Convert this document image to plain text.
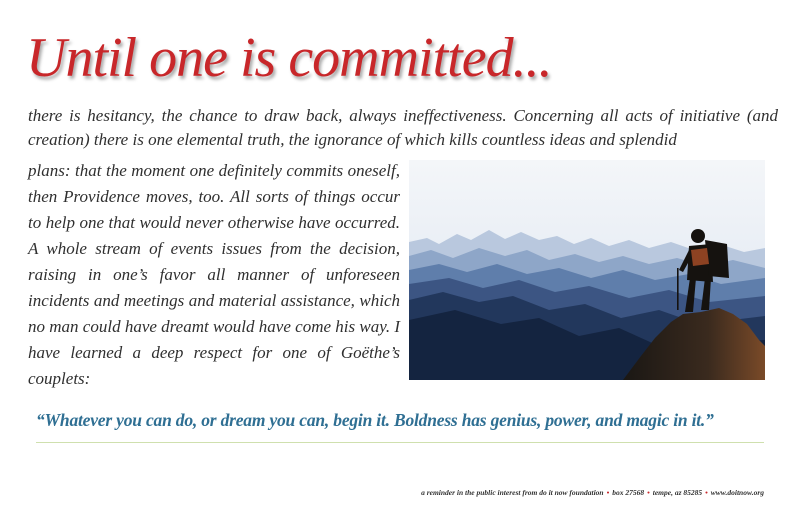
Until one is committed...

there is hesitancy, the chance to draw back, always ineffectiveness. Concerning all acts of initiative (and creation) there is one elemental truth, the ignorance of which kills countless ideas and splendid

plans: that the moment one definitely commits oneself, then Providence moves, too. All sorts of things occur to help one that would never otherwise have occurred. A whole stream of events issues from the decision, raising in one’s favor all manner of unforeseen incidents and meetings and material assistance, which no man could have dreamt would have come his way. I have learned a deep respect for one of Goëthe’s couplets:

“Whatever you can do, or dream you can, begin it. Boldness has genius, power, and magic in it.”

a reminder in the public interest from do it now foundation • box 27568 • tempe, az 85285 • www.doitnow.org
